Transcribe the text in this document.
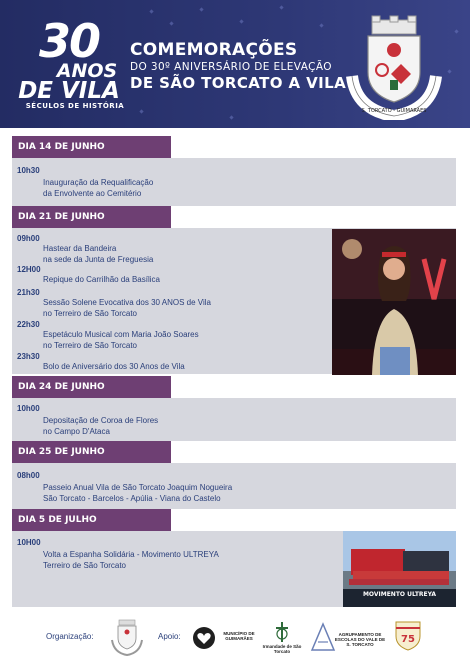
30
ANOS
DE VILA
SÉCULOS DE HISTÓRIA
COMEMORAÇÕES
DO 30º ANIVERSÁRIO DE ELEVAÇÃO
DE SÃO TORCATO A VILA
S. TORCATO - GUIMARÃES
DIA 14 DE JUNHO
10h30
Inauguração da Requalificação
da Envolvente ao Cemitério
DIA 21 DE JUNHO
09h00
Hastear da Bandeira
na sede da Junta de Freguesia
12H00
Repique do Carrilhão da Basílica
21h30
Sessão Solene Evocativa dos 30 ANOS de Vila
no Terreiro de São Torcato
22h30
Espetáculo Musical com Maria João Soares
no Terreiro de São Torcato
23h30
Bolo de Aniversário dos 30 Anos de Vila
DIA 24 DE JUNHO
10h00
Depositação de Coroa de Flores
no Campo D'Ataca
DIA 25 DE JUNHO
08h00
Passeio Anual Vila de São Torcato Joaquim Nogueira
São Torcato - Barcelos - Apúlia - Viana do Castelo
DIA 5 DE JULHO
10H00
Volta a Espanha Solidária - Movimento ULTREYA
Terreiro de São Torcato
MOVIMENTO ULTREYA
Organização:	Apoio:	MUNICÍPIO DE GUIMARÃES
Irmandade de São Torcato
AGRUPAMENTO DE ESCOLAS DO VALE DE S. TORCATO	75
